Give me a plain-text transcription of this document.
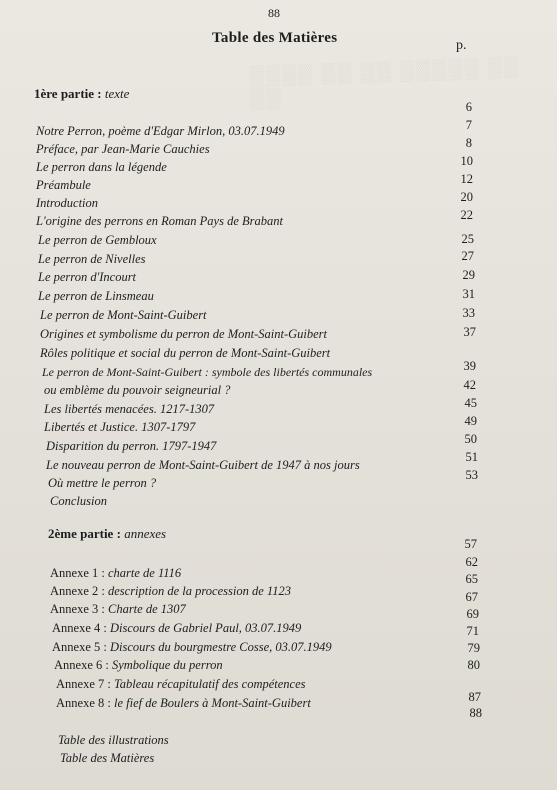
▒▒▒▒ ▒▒ ▒▒ ▒▒▒▒▒ ▒▒ ▒▒
88
Table des Matières	p.
1ère partie : texte
2ème partie : annexes
57
Notre Perron, poème d'Edgar Mirlon, 03.07.1949
6
Préface, par Jean-Marie Cauchies
7
Le perron dans la légende
8
Préambule
10
Introduction
12
L'origine des perrons en Roman Pays de Brabant
20
Le perron de Gembloux
22
Le perron de Nivelles
25
Le perron d'Incourt
27
Le perron de Linsmeau
29
Le perron de Mont-Saint-Guibert
31
Origines et symbolisme du perron de Mont-Saint-Guibert
33
Rôles politique et social du perron de Mont-Saint-Guibert
37
Le perron de Mont-Saint-Guibert : symbole des libertés communales
ou emblème du pouvoir seigneurial ?
39
Les libertés menacées. 1217-1307
42
Libertés et Justice. 1307-1797
45
Disparition du perron. 1797-1947
49
Le nouveau perron de Mont-Saint-Guibert de 1947 à nos jours
50
Où mettre le perron ?
51
Conclusion
53
Annexe 1 : charte de 1116
62
Annexe 2 : description de la procession de 1123
65
Annexe 3 : Charte de 1307
67
Annexe 4 : Discours de Gabriel Paul, 03.07.1949
69
Annexe 5 : Discours du bourgmestre Cosse, 03.07.1949
71
Annexe 6 : Symbolique du perron
79
Annexe 7 : Tableau récapitulatif des compétences
80
Annexe 8 : le fief de Boulers à Mont-Saint-Guibert
Table des illustrations
87
Table des Matières
88
